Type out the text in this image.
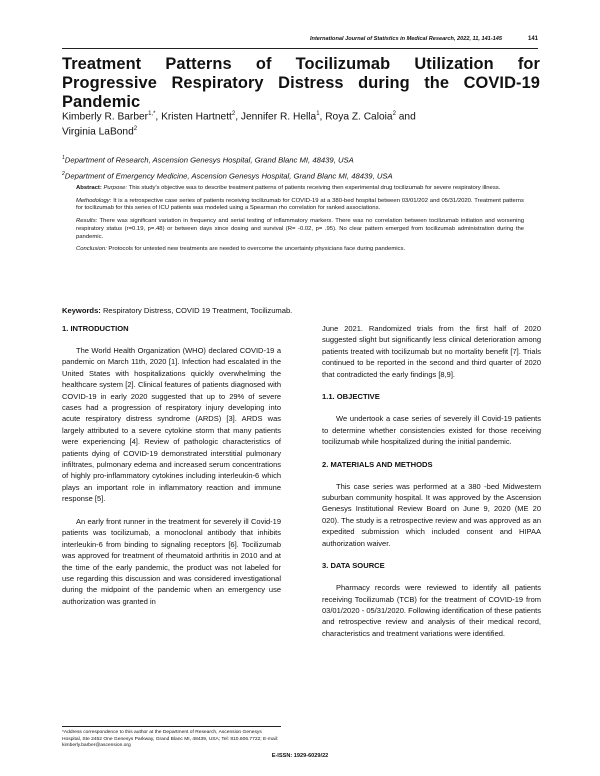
International Journal of Statistics in Medical Research, 2022, 11, 141-145	141
Treatment Patterns of Tocilizumab Utilization for Progressive Respiratory Distress during the COVID-19 Pandemic
Kimberly R. Barber$^{1,*}$, Kristen Hartnett$^2$, Jennifer R. Hella$^1$, Roya Z. Caloia$^2$ and
Virginia LaBond$^2$
$^1$Department of Research, Ascension Genesys Hospital, Grand Blanc MI, 48439, USA
$^2$Department of Emergency Medicine, Ascension Genesys Hospital, Grand Blanc MI, 48439, USA

Abstract: Purpose: This study's objective was to describe treatment patterns of patients receiving then experimental drug tocilizumab for severe respiratory illness.

Methodology: It is a retrospective case series of patients receiving tocilizumab for COVID-19 at a 380-bed hospital between 03/01/202 and 05/31/2020. Treatment patterns for tocilizumab for this series of ICU patients was modeled using a Spearman rho correlation for ranked associations.

Results: There was significant variation in frequency and serial testing of inflammatory markers. There was no correlation between tocilizumab initiation and worsening respiratory status (r=0.19, p=.48) or between days since dosing and survival (R= -0.02, p= .95). No clear pattern emerged from tocilizumab administration during the pandemic.

Conclusion: Protocols for untested new treatments are needed to overcome the uncertainty physicians face during pandemics.

Keywords: Respiratory Distress, COVID 19 Treatment, Tocilizumab.
1. INTRODUCTION

The World Health Organization (WHO) declared COVID-19 a pandemic on March 11th, 2020 [1]. Infection had escalated in the United States with hospitalizations quickly overwhelming the healthcare system [2]. Clinical features of patients diagnosed with COVID-19 in early 2020 suggested that up to 29% of severe cases had a progression of respiratory injury developing into acute respiratory distress syndrome (ARDS) [3]. ARDS was largely attributed to a severe cytokine storm that many patients were experiencing [4]. Review of pathologic characteristics of patients dying of COVID-19 demonstrated interstitial pulmonary infiltrates, pulmonary edema and increased serum concentrations of highly pro-inflammatory cytokines including interleukin-6 which plays an important role in inflammatory reaction and immune response [5].

An early front runner in the treatment for severely ill Covid-19 patients was tocilizumab, a monoclonal antibody that inhibits interleukin-6 from binding to signaling receptors [6]. Tocilizumab was approved for treatment of rheumatoid arthritis in 2010 and at the time of the early pandemic, the product was not labeled for use regarding this discussion and was considered investigational during the midpoint of the pandemic when an emergency use authorization was granted in

June 2021. Randomized trials from the first half of 2020 suggested slight but significantly less clinical deterioration among patients treated with tocilizumab but no mortality benefit [7]. Trials continued to be reported in the second and third quarter of 2020 that contradicted the early findings [8,9].

1.1. OBJECTIVE

We undertook a case series of severely ill Covid-19 patients to determine whether consistencies existed for those receiving tocilizumab while hospitalized during the initial pandemic.

2. MATERIALS AND METHODS

This case series was performed at a 380 -bed Midwestern suburban community hospital. It was approved by the Ascension Genesys Institutional Review Board on June 9, 2020 (ME 20 020). The study is a retrospective review and was approved as an expedited submission which included consent and HIPAA authorization waiver.

3. DATA SOURCE

Pharmacy records were reviewed to identify all patients receiving Tocilizumab (TCB) for the treatment of COVID-19 from 03/01/2020 - 05/31/2020. Following identification of these patients and retrospective review and analysis of their medical record, characteristics and treatment variations were identified.

*Address correspondence to this author at the Department of Research, Ascension Genesys Hospital, Ste 2452 One Genesys Parkway, Grand Blanc MI, 48439, USA; Tel: 810.606.7722; E-mail: kimberly.barber@ascension.org
E-ISSN: 1929-6029/22
